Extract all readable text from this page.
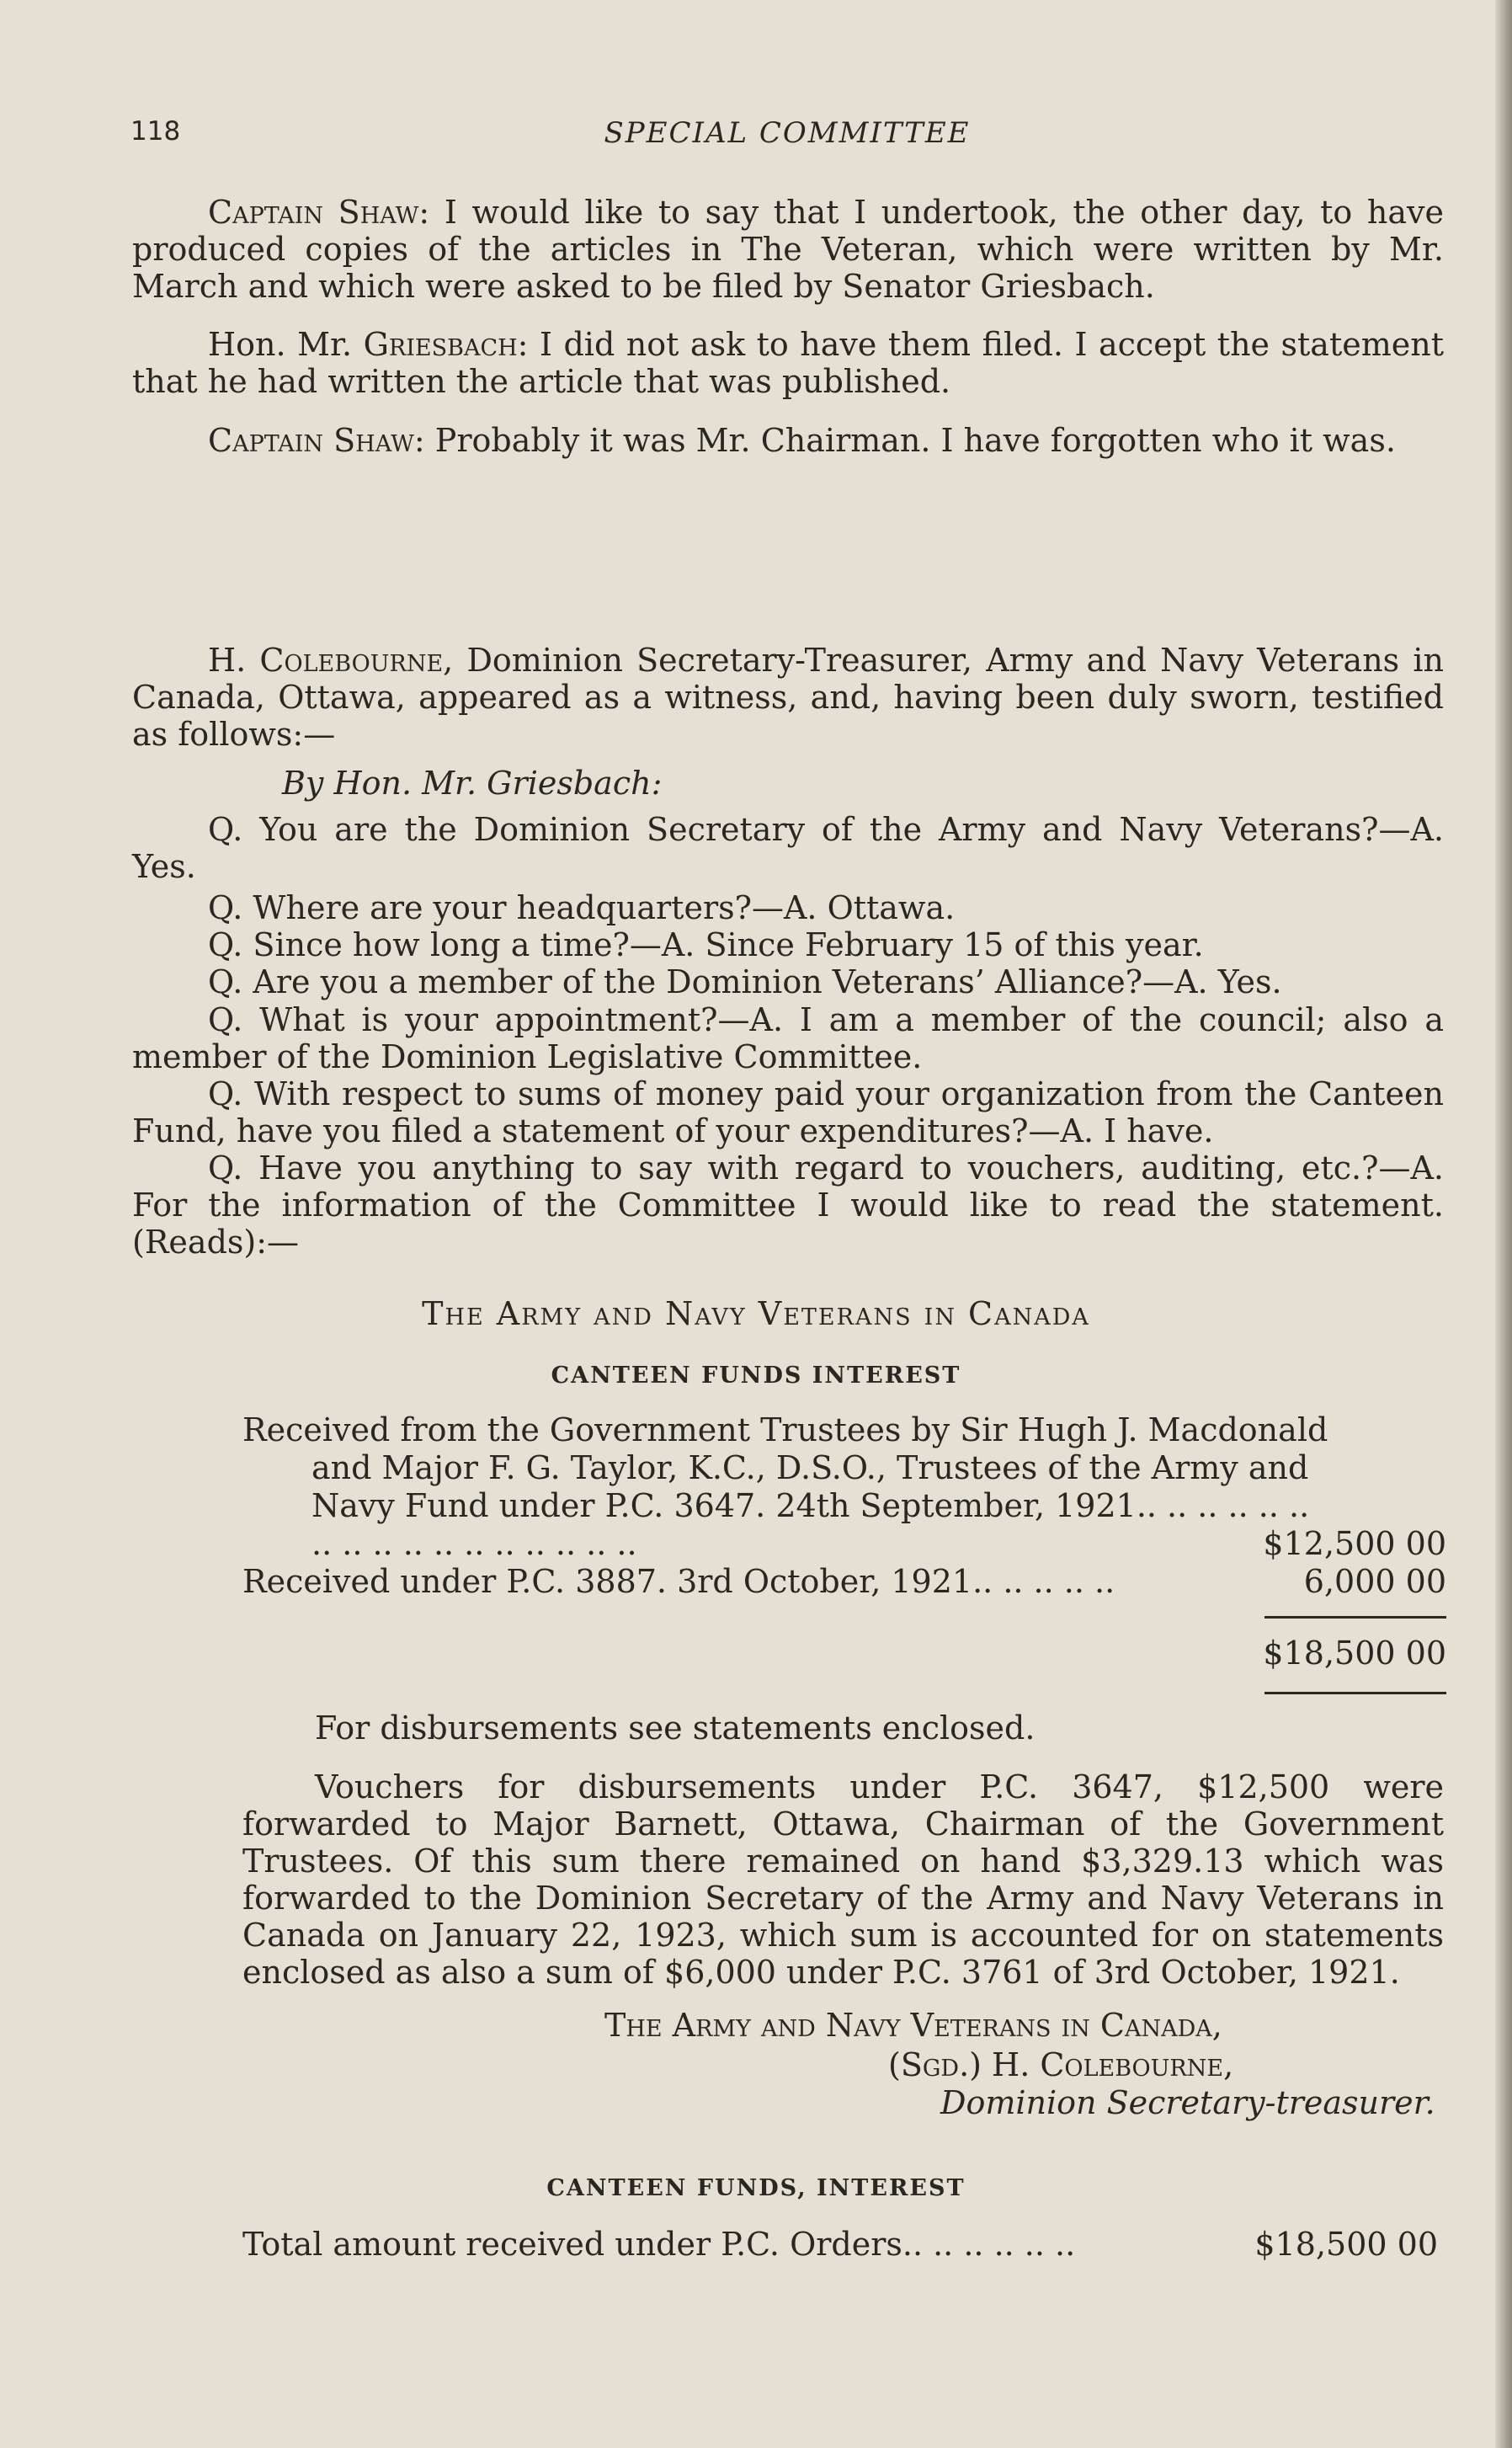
118	SPECIAL COMMITTEE

Captain Shaw: I would like to say that I undertook, the other day, to have produced copies of the articles in The Veteran, which were written by Mr. March and which were asked to be filed by Senator Griesbach.

Hon. Mr. Griesbach: I did not ask to have them filed. I accept the statement that he had written the article that was published.

Captain Shaw: Probably it was Mr. Chairman. I have forgotten who it was.

H. Colebourne, Dominion Secretary-Treasurer, Army and Navy Veterans in Canada, Ottawa, appeared as a witness, and, having been duly sworn, testified as follows:—

By Hon. Mr. Griesbach:

Q. You are the Dominion Secretary of the Army and Navy Veterans?—A. Yes.

Q. Where are your headquarters?—A. Ottawa.

Q. Since how long a time?—A. Since February 15 of this year.

Q. Are you a member of the Dominion Veterans’ Alliance?—A. Yes.

Q. What is your appointment?—A. I am a member of the council; also a member of the Dominion Legislative Committee.

Q. With respect to sums of money paid your organization from the Canteen Fund, have you filed a statement of your expenditures?—A. I have.

Q. Have you anything to say with regard to vouchers, auditing, etc.?—A. For the information of the Committee I would like to read the statement. (Reads):—

The Army and Navy Veterans in Canada

CANTEEN FUNDS INTEREST

Received from the Government Trustees by Sir Hugh J. Macdonald and Major F. G. Taylor, K.C., D.S.O., Trustees of the Army and Navy Fund under P.C. 3647. 24th September, 1921.. .. .. .. .. .. .. .. .. .. .. .. .. .. .. .. ..	$12,500 00
Received under P.C. 3887. 3rd October, 1921.. .. .. .. ..	6,000 00
$18,500 00

For disbursements see statements enclosed.

Vouchers for disbursements under P.C. 3647, $12,500 were forwarded to Major Barnett, Ottawa, Chairman of the Government Trustees. Of this sum there remained on hand $3,329.13 which was forwarded to the Dominion Secretary of the Army and Navy Veterans in Canada on January 22, 1923, which sum is accounted for on statements enclosed as also a sum of $6,000 under P.C. 3761 of 3rd October, 1921.

The Army and Navy Veterans in Canada,
(Sgd.) H. Colebourne,
Dominion Secretary-treasurer.

CANTEEN FUNDS, INTEREST

Total amount received under P.C. Orders.. .. .. .. .. ..	$18,500 00
